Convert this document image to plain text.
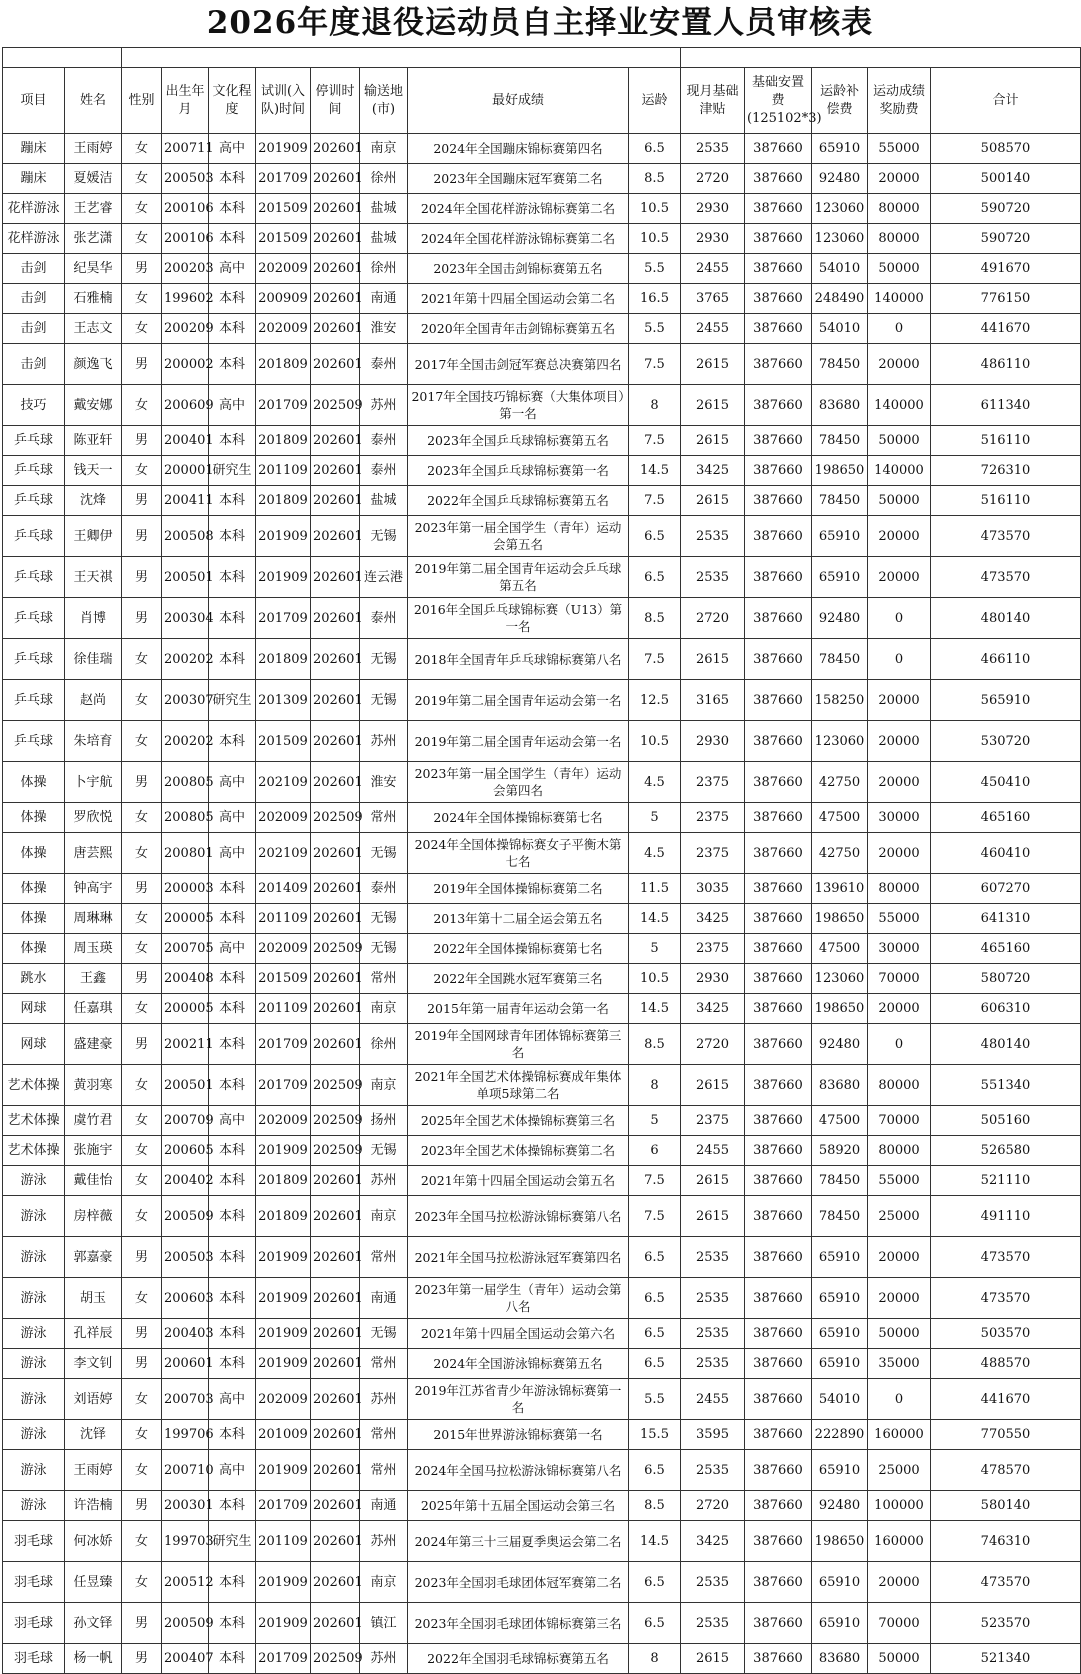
2026年度退役运动员自主择业安置人员审核表

项目	姓名	性别	出生年月	文化程度	试训(入队)时间	停训时间	输送地(市)	最好成绩	运龄	现月基础津贴	基础安置费(125102*3)	运龄补偿费	运动成绩奖励费	合计
蹦床	王雨婷	女	200711	高中	201909	202601	南京	2024年全国蹦床锦标赛第四名	6.5	2535	387660	65910	55000	508570
蹦床	夏媛洁	女	200503	本科	201709	202601	徐州	2023年全国蹦床冠军赛第二名	8.5	2720	387660	92480	20000	500140
花样游泳	王艺睿	女	200106	本科	201509	202601	盐城	2024年全国花样游泳锦标赛第二名	10.5	2930	387660	123060	80000	590720
花样游泳	张艺潇	女	200106	本科	201509	202601	盐城	2024年全国花样游泳锦标赛第二名	10.5	2930	387660	123060	80000	590720
击剑	纪昊华	男	200203	高中	202009	202601	徐州	2023年全国击剑锦标赛第五名	5.5	2455	387660	54010	50000	491670
击剑	石雅楠	女	199602	本科	200909	202601	南通	2021年第十四届全国运动会第二名	16.5	3765	387660	248490	140000	776150
击剑	王志文	女	200209	本科	202009	202601	淮安	2020年全国青年击剑锦标赛第五名	5.5	2455	387660	54010	0	441670
击剑	颜逸飞	男	200002	本科	201809	202601	泰州	2017年全国击剑冠军赛总决赛第四名	7.5	2615	387660	78450	20000	486110
技巧	戴安娜	女	200609	高中	201709	202509	苏州	2017年全国技巧锦标赛（大集体项目）第一名	8	2615	387660	83680	140000	611340
乒乓球	陈亚轩	男	200401	本科	201809	202601	泰州	2023年全国乒乓球锦标赛第五名	7.5	2615	387660	78450	50000	516110
乒乓球	钱天一	女	200001	研究生	201109	202601	泰州	2023年全国乒乓球锦标赛第一名	14.5	3425	387660	198650	140000	726310
乒乓球	沈烽	男	200411	本科	201809	202601	盐城	2022年全国乒乓球锦标赛第五名	7.5	2615	387660	78450	50000	516110
乒乓球	王卿伊	男	200508	本科	201909	202601	无锡	2023年第一届全国学生（青年）运动会第五名	6.5	2535	387660	65910	20000	473570
乒乓球	王天祺	男	200501	本科	201909	202601	连云港	2019年第二届全国青年运动会乒乓球第五名	6.5	2535	387660	65910	20000	473570
乒乓球	肖博	男	200304	本科	201709	202601	泰州	2016年全国乒乓球锦标赛（U13）第一名	8.5	2720	387660	92480	0	480140
乒乓球	徐佳瑞	女	200202	本科	201809	202601	无锡	2018年全国青年乒乓球锦标赛第八名	7.5	2615	387660	78450	0	466110
乒乓球	赵尚	女	200307	研究生	201309	202601	无锡	2019年第二届全国青年运动会第一名	12.5	3165	387660	158250	20000	565910
乒乓球	朱培育	女	200202	本科	201509	202601	苏州	2019年第二届全国青年运动会第一名	10.5	2930	387660	123060	20000	530720
体操	卜宇航	男	200805	高中	202109	202601	淮安	2023年第一届全国学生（青年）运动会第四名	4.5	2375	387660	42750	20000	450410
体操	罗欣悦	女	200805	高中	202009	202509	常州	2024年全国体操锦标赛第七名	5	2375	387660	47500	30000	465160
体操	唐芸熙	女	200801	高中	202109	202601	无锡	2024年全国体操锦标赛女子平衡木第七名	4.5	2375	387660	42750	20000	460410
体操	钟高宇	男	200003	本科	201409	202601	泰州	2019年全国体操锦标赛第二名	11.5	3035	387660	139610	80000	607270
体操	周琳琳	女	200005	本科	201109	202601	无锡	2013年第十二届全运会第五名	14.5	3425	387660	198650	55000	641310
体操	周玉瑛	女	200705	高中	202009	202509	无锡	2022年全国体操锦标赛第七名	5	2375	387660	47500	30000	465160
跳水	王鑫	男	200408	本科	201509	202601	常州	2022年全国跳水冠军赛第三名	10.5	2930	387660	123060	70000	580720
网球	任嘉琪	女	200005	本科	201109	202601	南京	2015年第一届青年运动会第一名	14.5	3425	387660	198650	20000	606310
网球	盛建豪	男	200211	本科	201709	202601	徐州	2019年全国网球青年团体锦标赛第三名	8.5	2720	387660	92480	0	480140
艺术体操	黄羽寒	女	200501	本科	201709	202509	南京	2021年全国艺术体操锦标赛成年集体单项5球第二名	8	2615	387660	83680	80000	551340
艺术体操	虞竹君	女	200709	高中	202009	202509	扬州	2025年全国艺术体操锦标赛第三名	5	2375	387660	47500	70000	505160
艺术体操	张施宇	女	200605	本科	201909	202509	无锡	2023年全国艺术体操锦标赛第二名	6	2455	387660	58920	80000	526580
游泳	戴佳怡	女	200402	本科	201809	202601	苏州	2021年第十四届全国运动会第五名	7.5	2615	387660	78450	55000	521110
游泳	房梓薇	女	200509	本科	201809	202601	南京	2023年全国马拉松游泳锦标赛第八名	7.5	2615	387660	78450	25000	491110
游泳	郭嘉豪	男	200503	本科	201909	202601	常州	2021年全国马拉松游泳冠军赛第四名	6.5	2535	387660	65910	20000	473570
游泳	胡玉	女	200603	本科	201909	202601	南通	2023年第一届学生（青年）运动会第八名	6.5	2535	387660	65910	20000	473570
游泳	孔祥辰	男	200403	本科	201909	202601	无锡	2021年第十四届全国运动会第六名	6.5	2535	387660	65910	50000	503570
游泳	李文钊	男	200601	本科	201909	202601	常州	2024年全国游泳锦标赛第五名	6.5	2535	387660	65910	35000	488570
游泳	刘语婷	女	200703	高中	202009	202601	苏州	2019年江苏省青少年游泳锦标赛第一名	5.5	2455	387660	54010	0	441670
游泳	沈铎	女	199706	本科	201009	202601	常州	2015年世界游泳锦标赛第一名	15.5	3595	387660	222890	160000	770550
游泳	王雨婷	女	200710	高中	201909	202601	常州	2024年全国马拉松游泳锦标赛第八名	6.5	2535	387660	65910	25000	478570
游泳	许浩楠	男	200301	本科	201709	202601	南通	2025年第十五届全国运动会第三名	8.5	2720	387660	92480	100000	580140
羽毛球	何冰娇	女	199703	研究生	201109	202601	苏州	2024年第三十三届夏季奥运会第二名	14.5	3425	387660	198650	160000	746310
羽毛球	任昱臻	女	200512	本科	201909	202601	南京	2023年全国羽毛球团体冠军赛第二名	6.5	2535	387660	65910	20000	473570
羽毛球	孙文铎	男	200509	本科	201909	202601	镇江	2023年全国羽毛球团体锦标赛第三名	6.5	2535	387660	65910	70000	523570
羽毛球	杨一帆	男	200407	本科	201709	202509	苏州	2022年全国羽毛球锦标赛第五名	8	2615	387660	83680	50000	521340
